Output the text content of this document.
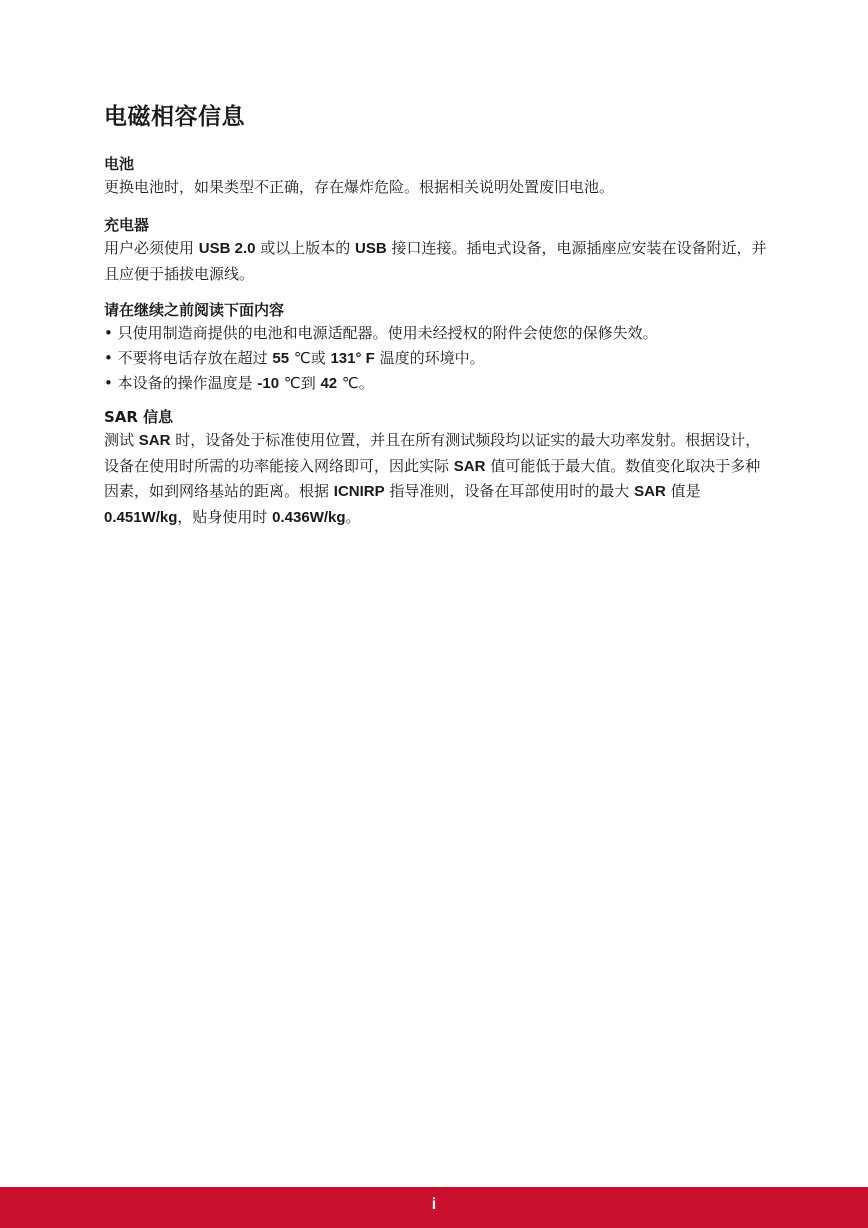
电磁相容信息
电池

更换电池时，如果类型不正确，存在爆炸危险。根据相关说明处置废旧电池。

充电器

用户必须使用 USB 2.0 或以上版本的 USB 接口连接。插电式设备，电源插座应安装在设备附近，并且应便于插拔电源线。

请在继续之前阅读下面内容
• 只使用制造商提供的电池和电源适配器。使用未经授权的附件会使您的保修失效。
• 不要将电话存放在超过 55 ℃或 131° F 温度的环境中。
• 本设备的操作温度是 -10 ℃到 42 ℃。
SAR 信息

测试 SAR 时，设备处于标准使用位置，并且在所有测试频段均以证实的最大功率发射。根据设计，设备在使用时所需的功率能接入网络即可，因此实际 SAR 值可能低于最大值。数值变化取决于多种因素，如到网络基站的距离。根据 ICNIRP 指导准则，设备在耳部使用时的最大 SAR 值是 0.451W/kg，贴身使用时 0.436W/kg。

i
